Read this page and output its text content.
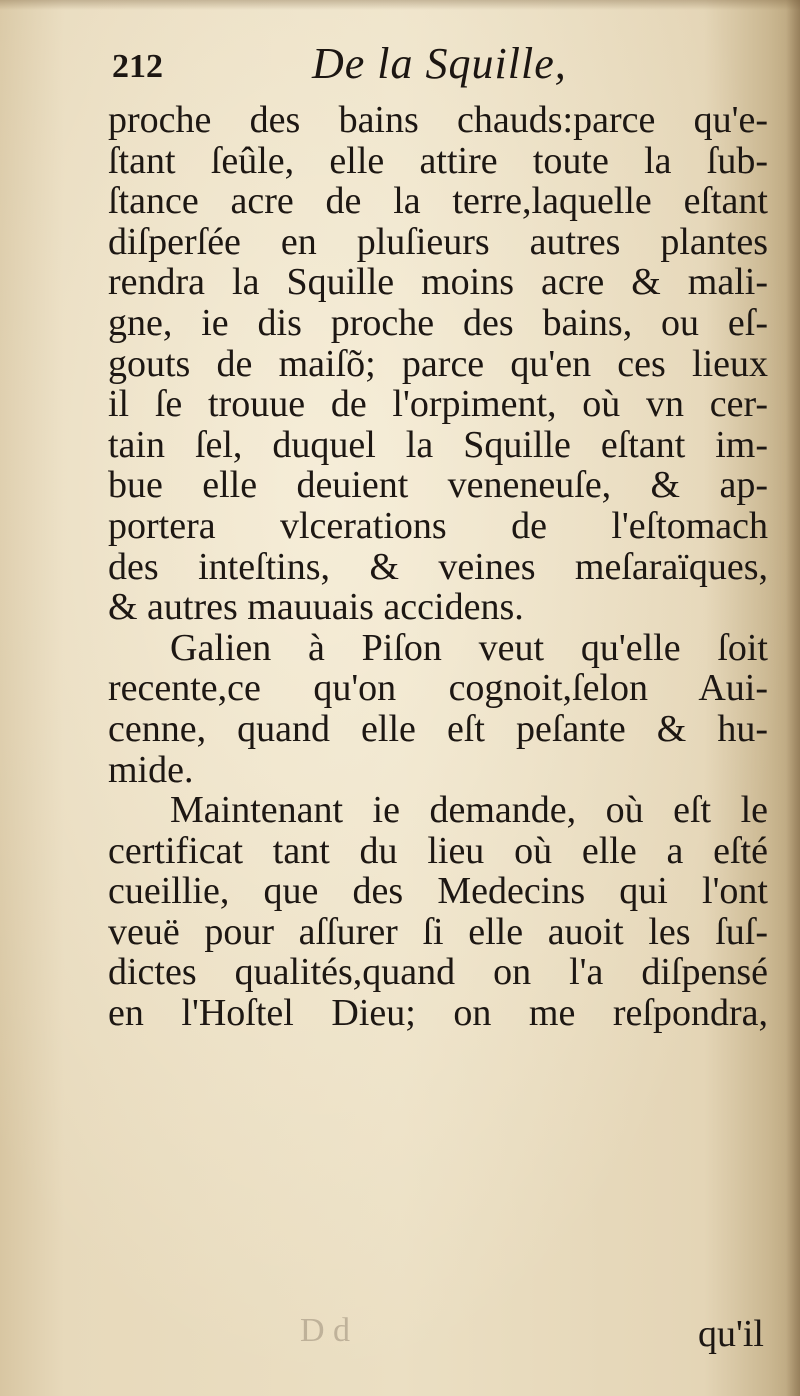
212	De la Squille,
proche des bains chauds:parce qu'e-
ſtant ſeûle, elle attire toute la ſub-
ſtance acre de la terre,laquelle eſtant
diſperſée en pluſieurs autres plantes
rendra la Squille moins acre & mali-
gne, ie dis proche des bains, ou eſ-
gouts de maiſõ; parce qu'en ces lieux
il ſe trouue de l'orpiment, où vn cer-
tain ſel, duquel la Squille eſtant im-
bue elle deuient veneneuſe, & ap-
portera vlcerations de l'eſtomach
des inteſtins, & veines meſaraïques,
& autres mauuais accidens.
Galien à Piſon veut qu'elle ſoit
recente,ce qu'on cognoit,ſelon Aui-
cenne, quand elle eſt peſante & hu-
mide.
Maintenant ie demande, où eſt le
certificat tant du lieu où elle a eſté
cueillie, que des Medecins qui l'ont
veuë pour aſſurer ſi elle auoit les ſuſ-
dictes qualités,quand on l'a diſpensé
en l'Hoſtel Dieu; on me reſpondra,
D d	qu'il
